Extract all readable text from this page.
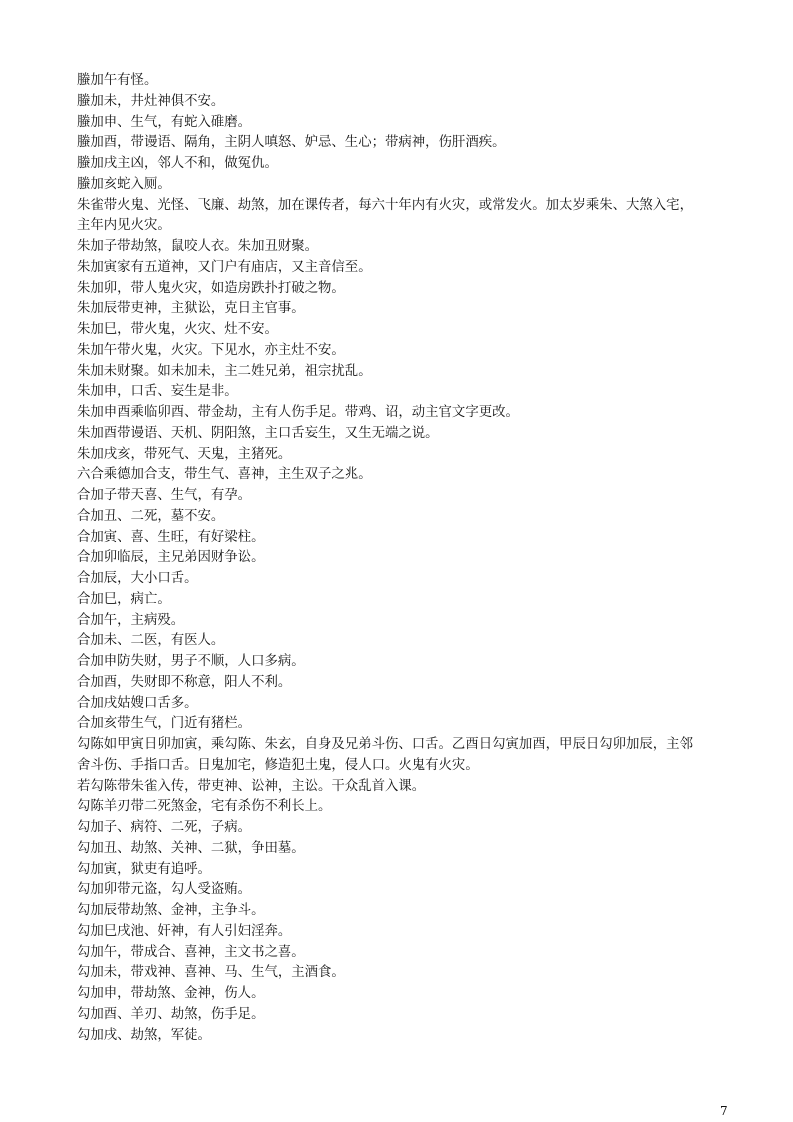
螣加午有怪。
螣加未，井灶神俱不安。
螣加申、生气，有蛇入碓磨。
螣加酉，带谩语、隔角，主阴人嗔怒、妒忌、生心；带病神，伤肝酒疾。
螣加戌主凶，邻人不和，做冤仇。
螣加亥蛇入厕。
朱雀带火鬼、光怪、飞廉、劫煞，加在课传者，每六十年内有火灾，或常发火。加太岁乘朱、大煞入宅，
主年内见火灾。
朱加子带劫煞，鼠咬人衣。朱加丑财聚。
朱加寅家有五道神，又门户有庙店，又主音信至。
朱加卯，带人鬼火灾，如造房跌扑打破之物。
朱加辰带吏神，主狱讼，克日主官事。
朱加巳，带火鬼，火灾、灶不安。
朱加午带火鬼，火灾。下见水，亦主灶不安。
朱加未财聚。如未加未，主二姓兄弟，祖宗扰乱。
朱加申，口舌、妄生是非。
朱加申酉乘临卯酉、带金劫，主有人伤手足。带鸡、诏，动主官文字更改。
朱加酉带谩语、天机、阴阳煞，主口舌妄生，又生无端之说。
朱加戌亥，带死气、天鬼，主猪死。
六合乘德加合支，带生气、喜神，主生双子之兆。
合加子带天喜、生气，有孕。
合加丑、二死，墓不安。
合加寅、喜、生旺，有好梁柱。
合加卯临辰，主兄弟因财争讼。
合加辰，大小口舌。
合加巳，病亡。
合加午，主病殁。
合加未、二医，有医人。
合加申防失财，男子不顺，人口多病。
合加酉，失财即不称意，阳人不利。
合加戌姑嫂口舌多。
合加亥带生气，门近有猪栏。
勾陈如甲寅日卯加寅，乘勾陈、朱玄，自身及兄弟斗伤、口舌。乙酉日勾寅加酉，甲辰日勾卯加辰，主邻
舍斗伤、手指口舌。日鬼加宅，修造犯土鬼，侵人口。火鬼有火灾。
若勾陈带朱雀入传，带吏神、讼神，主讼。干众乱首入课。
勾陈羊刃带二死煞金，宅有杀伤不利长上。
勾加子、病符、二死，子病。
勾加丑、劫煞、关神、二狱，争田墓。
勾加寅，狱吏有追呼。
勾加卯带元盗，勾人受盗贿。
勾加辰带劫煞、金神，主争斗。
勾加巳戌池、奸神，有人引妇淫奔。
勾加午，带成合、喜神，主文书之喜。
勾加未，带戏神、喜神、马、生气，主酒食。
勾加申，带劫煞、金神，伤人。
勾加酉、羊刃、劫煞，伤手足。
勾加戌、劫煞，军徒。
7
